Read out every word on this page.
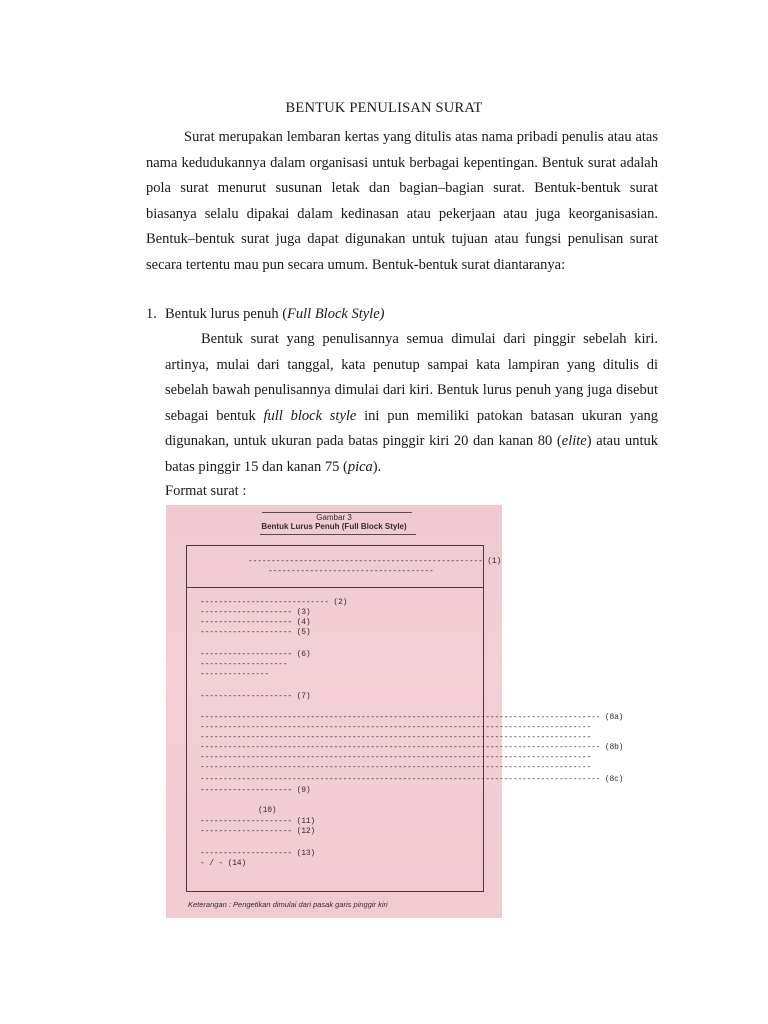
BENTUK PENULISAN SURAT

Surat merupakan lembaran kertas yang ditulis atas nama pribadi penulis atau atas nama kedudukannya dalam organisasi untuk berbagai kepentingan. Bentuk surat adalah pola surat menurut susunan letak dan bagian–bagian surat. Bentuk-bentuk surat biasanya selalu dipakai dalam kedinasan atau pekerjaan atau juga keorganisasian. Bentuk–bentuk surat juga dapat digunakan untuk tujuan atau fungsi penulisan surat secara tertentu mau pun secara umum. Bentuk-bentuk surat diantaranya:

1. Bentuk lurus penuh (Full Block Style)

Bentuk surat yang penulisannya semua dimulai dari pinggir sebelah kiri. artinya, mulai dari tanggal, kata penutup sampai kata lampiran yang ditulis di sebelah bawah penulisannya dimulai dari kiri. Bentuk lurus penuh yang juga disebut sebagai bentuk full block style ini pun memiliki patokan batasan ukuran yang digunakan, untuk ukuran pada batas pinggir kiri 20 dan kanan 80 (elite) atau untuk batas pinggir 15 dan kanan 75 (pica).

Format surat :
Gambar 3
Bentuk Lurus Penuh (Full Block Style)
--------------------------------------------------- (1)
------------------------------------
---------------------------- (2)
-------------------- (3)
-------------------- (4)
-------------------- (5)
-------------------- (6)
-------------------
---------------
-------------------- (7)
--------------------------------------------------------------------------------------- (8a)
-------------------------------------------------------------------------------------
-------------------------------------------------------------------------------------
--------------------------------------------------------------------------------------- (8b)
-------------------------------------------------------------------------------------
-------------------------------------------------------------------------------------
--------------------------------------------------------------------------------------- (8c)
-------------------- (9)
(10)
-------------------- (11)
-------------------- (12)
-------------------- (13)
- / - (14)
Keterangan : Pengetikan dimulai dari pasak garis pinggir kiri
